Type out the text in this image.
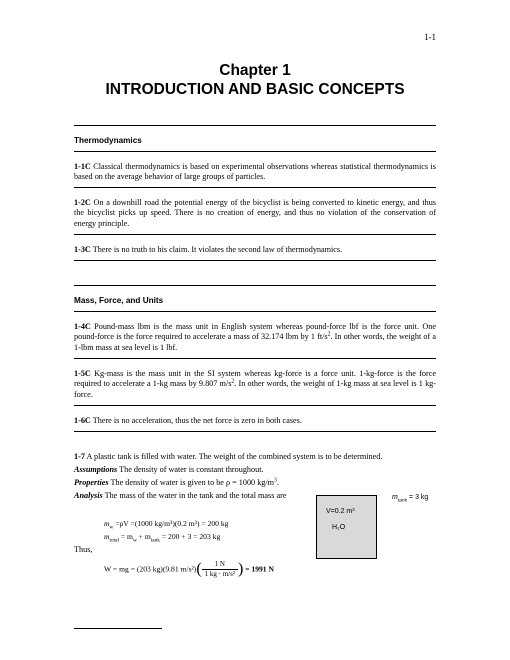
1-1
Chapter 1
INTRODUCTION AND BASIC CONCEPTS
Thermodynamics
1-1C Classical thermodynamics is based on experimental observations whereas statistical thermodynamics is based on the average behavior of large groups of particles.
1-2C On a downhill road the potential energy of the bicyclist is being converted to kinetic energy, and thus the bicyclist picks up speed. There is no creation of energy, and thus no violation of the conservation of energy principle.
1-3C There is no truth to his claim. It violates the second law of thermodynamics.
Mass, Force, and Units
1-4C Pound-mass lbm is the mass unit in English system whereas pound-force lbf is the force unit. One pound-force is the force required to accelerate a mass of 32.174 lbm by 1 $ft/s^2$. In other words, the weight of a 1-lbm mass at sea level is 1 lbf.
1-5C Kg-mass is the mass unit in the SI system whereas kg-force is a force unit. 1-kg-force is the force required to accelerate a 1-kg mass by 9.807 $m/s^2$. In other words, the weight of 1-kg mass at sea level is 1 kg-force.
1-6C There is no acceleration, thus the net force is zero in both cases.
1-7 A plastic tank is filled with water. The weight of the combined system is to be determined.
Assumptions The density of water is constant throughout.
Properties The density of water is given to be ρ = 1000 $kg/m^3$.
Analysis The mass of the water in the tank and the total mass are
$m_w =\rho V =(1000$ kg/m³)(0.2 m³) = 200 kg
$m_{total} = m_w + m_{tank} = 200 + 3 = 203$ kg
Thus,
W = mg = (203 kg)(9.81 $m/s^2)( \frac{1 N}{\text{1 kg · m/s²}}$ ) = 1991 N
V=0.2 m³
H₂O
$m_{tank} = 3$ kg
